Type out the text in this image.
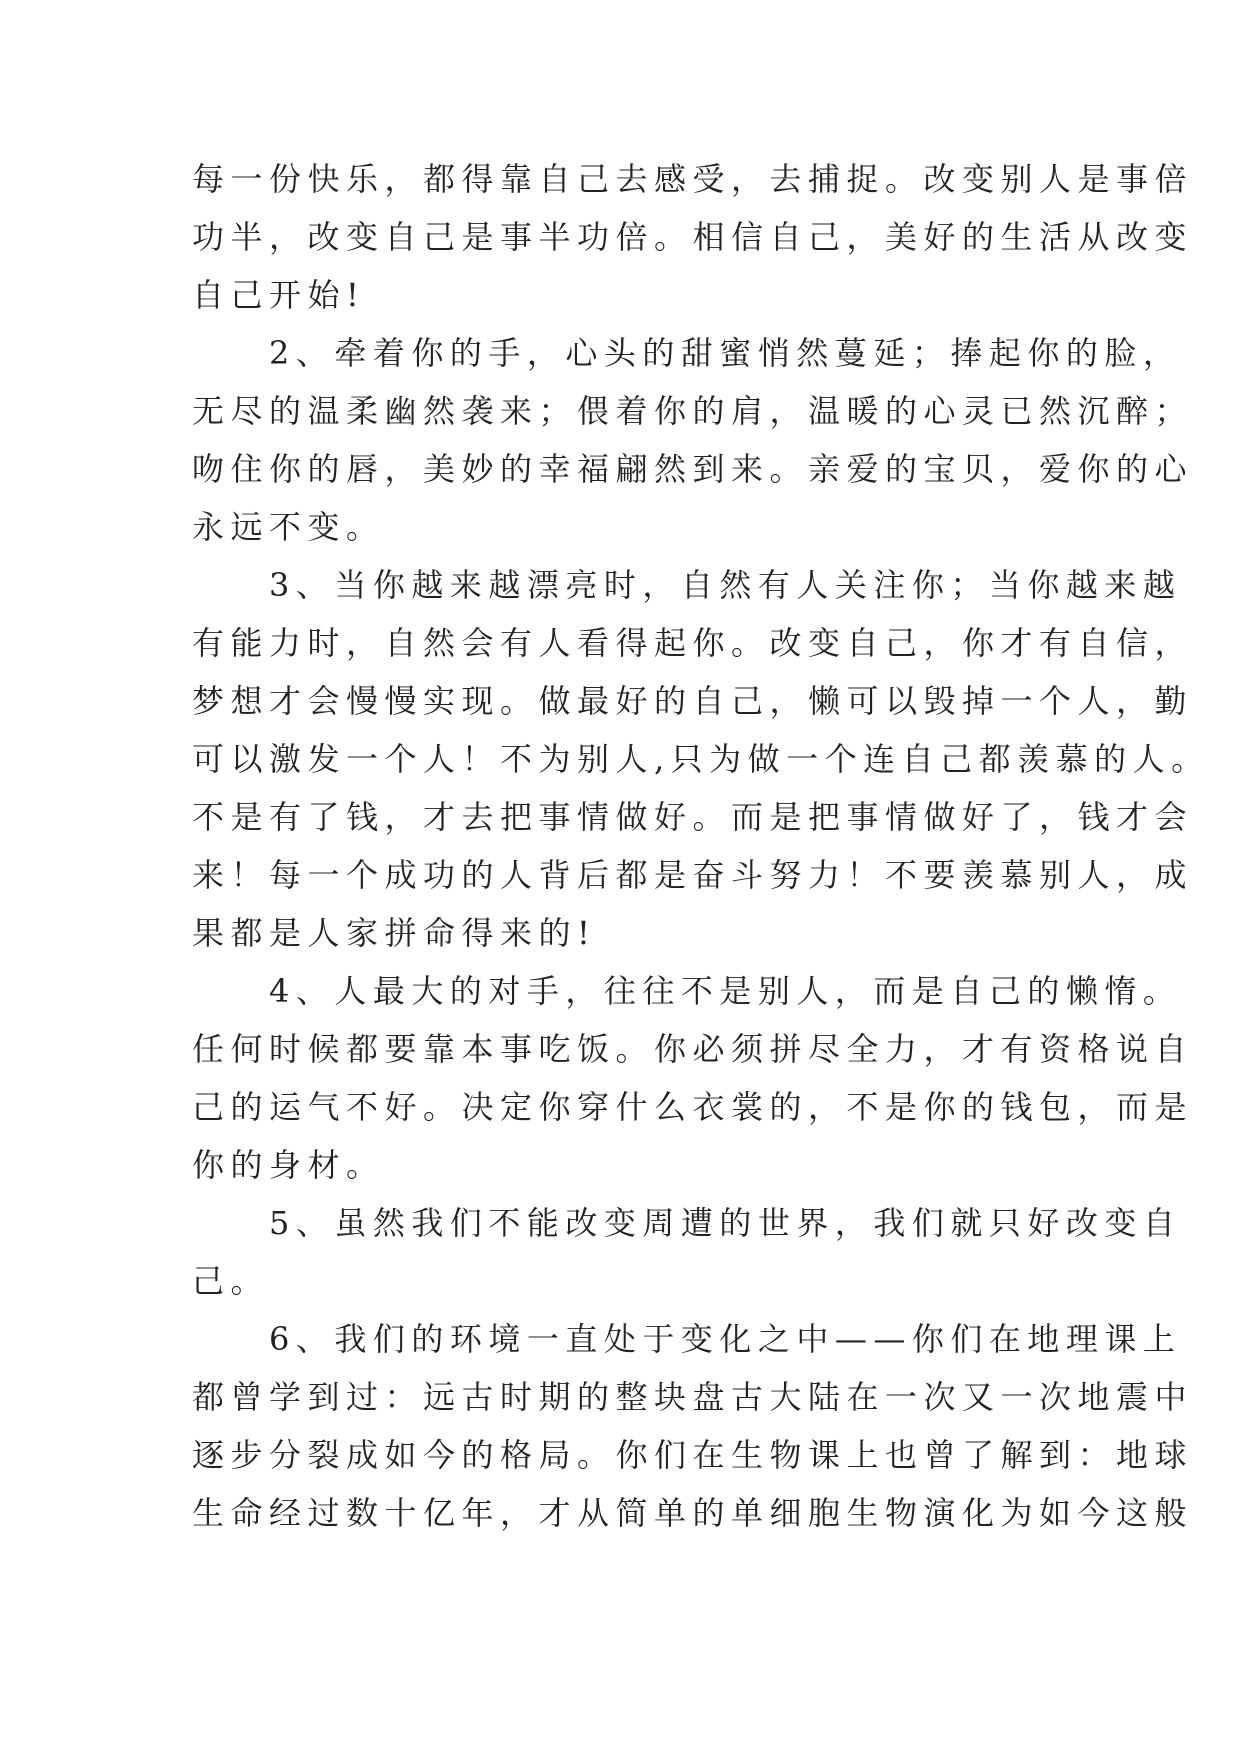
每一份快乐，都得靠自己去感受，去捕捉。改变别人是事倍
功半，改变自己是事半功倍。相信自己，美好的生活从改变
自己开始!
　　2、牵着你的手，心头的甜蜜悄然蔓延；捧起你的脸，
无尽的温柔幽然袭来；偎着你的肩，温暖的心灵已然沉醉；
吻住你的唇，美妙的幸福翩然到来。亲爱的宝贝，爱你的心
永远不变。
　　3、当你越来越漂亮时，自然有人关注你；当你越来越
有能力时，自然会有人看得起你。改变自己，你才有自信，
梦想才会慢慢实现。做最好的自己，懒可以毁掉一个人，勤
可以激发一个人！不为别人,只为做一个连自己都羡慕的人。
不是有了钱，才去把事情做好。而是把事情做好了，钱才会
来！每一个成功的人背后都是奋斗努力！不要羡慕别人，成
果都是人家拼命得来的!
　　4、人最大的对手，往往不是别人，而是自己的懒惰。
任何时候都要靠本事吃饭。你必须拼尽全力，才有资格说自
己的运气不好。决定你穿什么衣裳的，不是你的钱包，而是
你的身材。
　　5、虽然我们不能改变周遭的世界，我们就只好改变自
己。
　　6、我们的环境一直处于变化之中——你们在地理课上
都曾学到过：远古时期的整块盘古大陆在一次又一次地震中
逐步分裂成如今的格局。你们在生物课上也曾了解到：地球
生命经过数十亿年，才从简单的单细胞生物演化为如今这般
